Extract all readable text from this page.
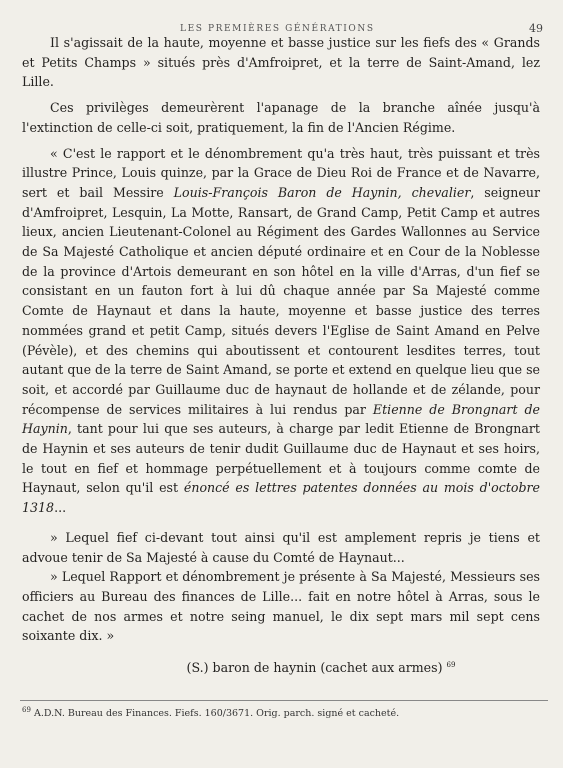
LES PREMIÈRES GÉNÉRATIONS	49

Il s'agissait de la haute, moyenne et basse justice sur les fiefs des « Grands et Petits Champs » situés près d'Amfroipret, et la terre de Saint-Amand, lez Lille.

Ces privilèges demeurèrent l'apanage de la branche aînée jusqu'à l'extinction de celle-ci soit, pratiquement, la fin de l'Ancien Régime.

« C'est le rapport et le dénombrement qu'a très haut, très puissant et très illustre Prince, Louis quinze, par la Grace de Dieu Roi de France et de Navarre, sert et bail Messire Louis-François Baron de Haynin, chevalier, seigneur d'Amfroipret, Lesquin, La Motte, Ransart, de Grand Camp, Petit Camp et autres lieux, ancien Lieutenant-Colonel au Régiment des Gardes Wallonnes au Service de Sa Majesté Catholique et ancien député ordinaire et en Cour de la Noblesse de la province d'Artois demeurant en son hôtel en la ville d'Arras, d'un fief se consistant en un fauton fort à lui dû chaque année par Sa Majesté comme Comte de Haynaut et dans la haute, moyenne et basse justice des terres nommées grand et petit Camp, situés devers l'Eglise de Saint Amand en Pelve (Pévèle), et des chemins qui aboutissent et contourent lesdites terres, tout autant que de la terre de Saint Amand, se porte et extend en quelque lieu que se soit, et accordé par Guillaume duc de haynaut de hollande et de zélande, pour récompense de services militaires à lui rendus par Etienne de Brongnart de Haynin, tant pour lui que ses auteurs, à charge par ledit Etienne de Brongnart de Haynin et ses auteurs de tenir dudit Guillaume duc de Haynaut et ses hoirs, le tout en fief et hommage perpétuellement et à toujours comme comte de Haynaut, selon qu'il est énoncé es lettres patentes données au mois d'octobre 1318...

» Lequel fief ci-devant tout ainsi qu'il est amplement repris je tiens et advoue tenir de Sa Majesté à cause du Comté de Haynaut...

» Lequel Rapport et dénombrement je présente à Sa Majesté, Messieurs ses officiers au Bureau des finances de Lille... fait en notre hôtel à Arras, sous le cachet de nos armes et notre seing manuel, le dix sept mars mil sept cens soixante dix. »

(S.) baron de haynin (cachet aux armes) $^{69}$

$^{69}$ A.D.N. Bureau des Finances. Fiefs. 160/3671. Orig. parch. signé et cacheté.
